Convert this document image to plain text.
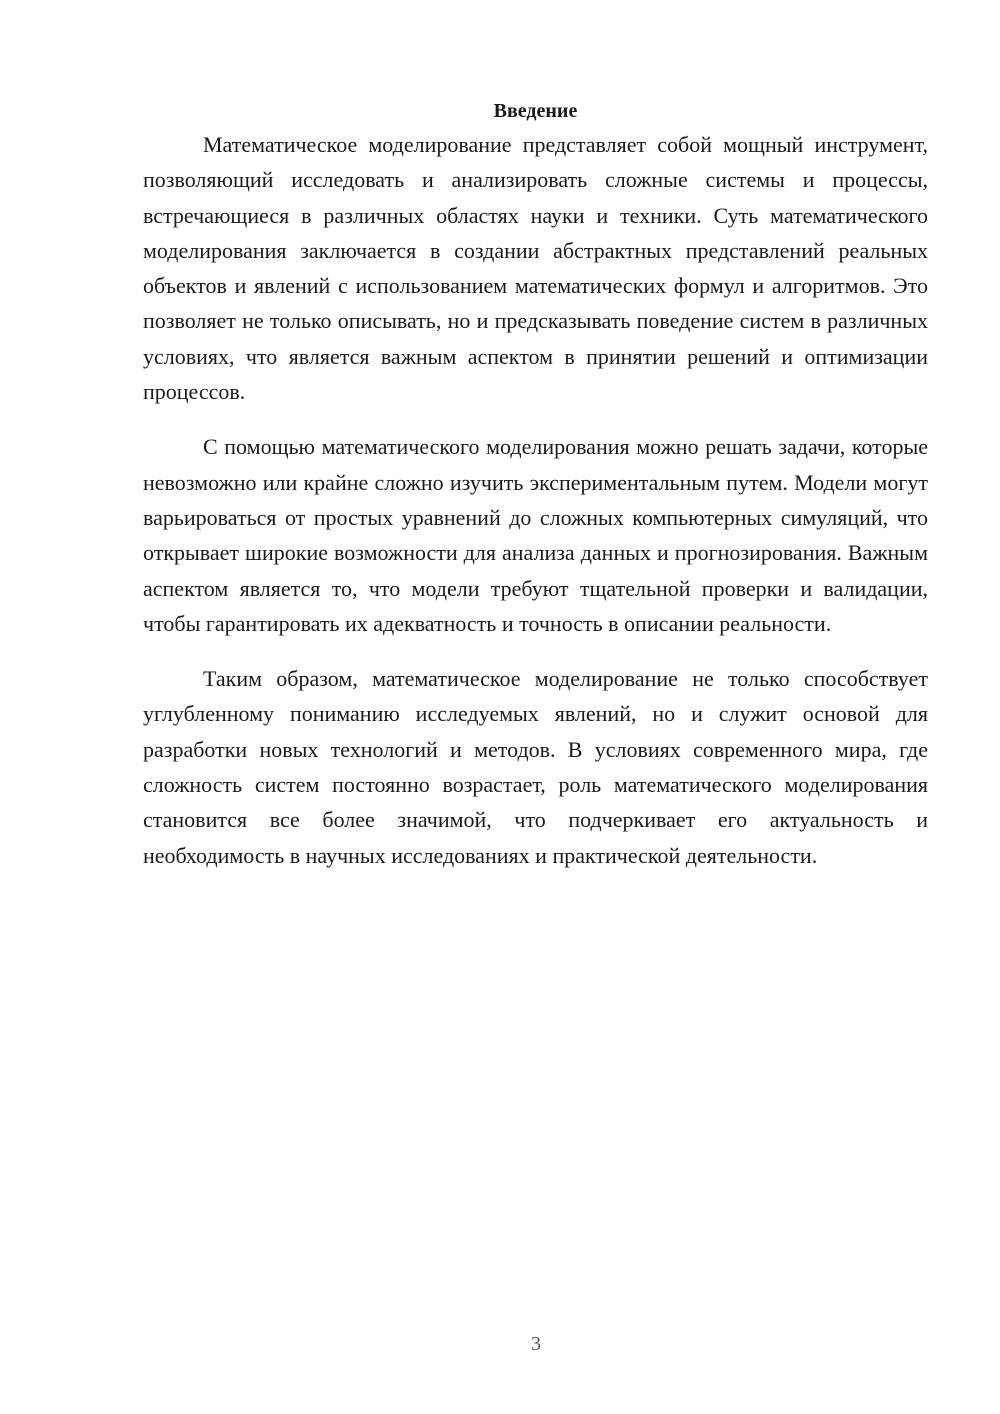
Введение

Математическое моделирование представляет собой мощный инструмент, позволяющий исследовать и анализировать сложные системы и процессы, встречающиеся в различных областях науки и техники. Суть математического моделирования заключается в создании абстрактных представлений реальных объектов и явлений с использованием математических формул и алгоритмов. Это позволяет не только описывать, но и предсказывать поведение систем в различных условиях, что является важным аспектом в принятии решений и оптимизации процессов.

С помощью математического моделирования можно решать задачи, которые невозможно или крайне сложно изучить экспериментальным путем. Модели могут варьироваться от простых уравнений до сложных компьютерных симуляций, что открывает широкие возможности для анализа данных и прогнозирования. Важным аспектом является то, что модели требуют тщательной проверки и валидации, чтобы гарантировать их адекватность и точность в описании реальности.

Таким образом, математическое моделирование не только способствует углубленному пониманию исследуемых явлений, но и служит основой для разработки новых технологий и методов. В условиях современного мира, где сложность систем постоянно возрастает, роль математического моделирования становится все более значимой, что подчеркивает его актуальность и необходимость в научных исследованиях и практической деятельности.

3
